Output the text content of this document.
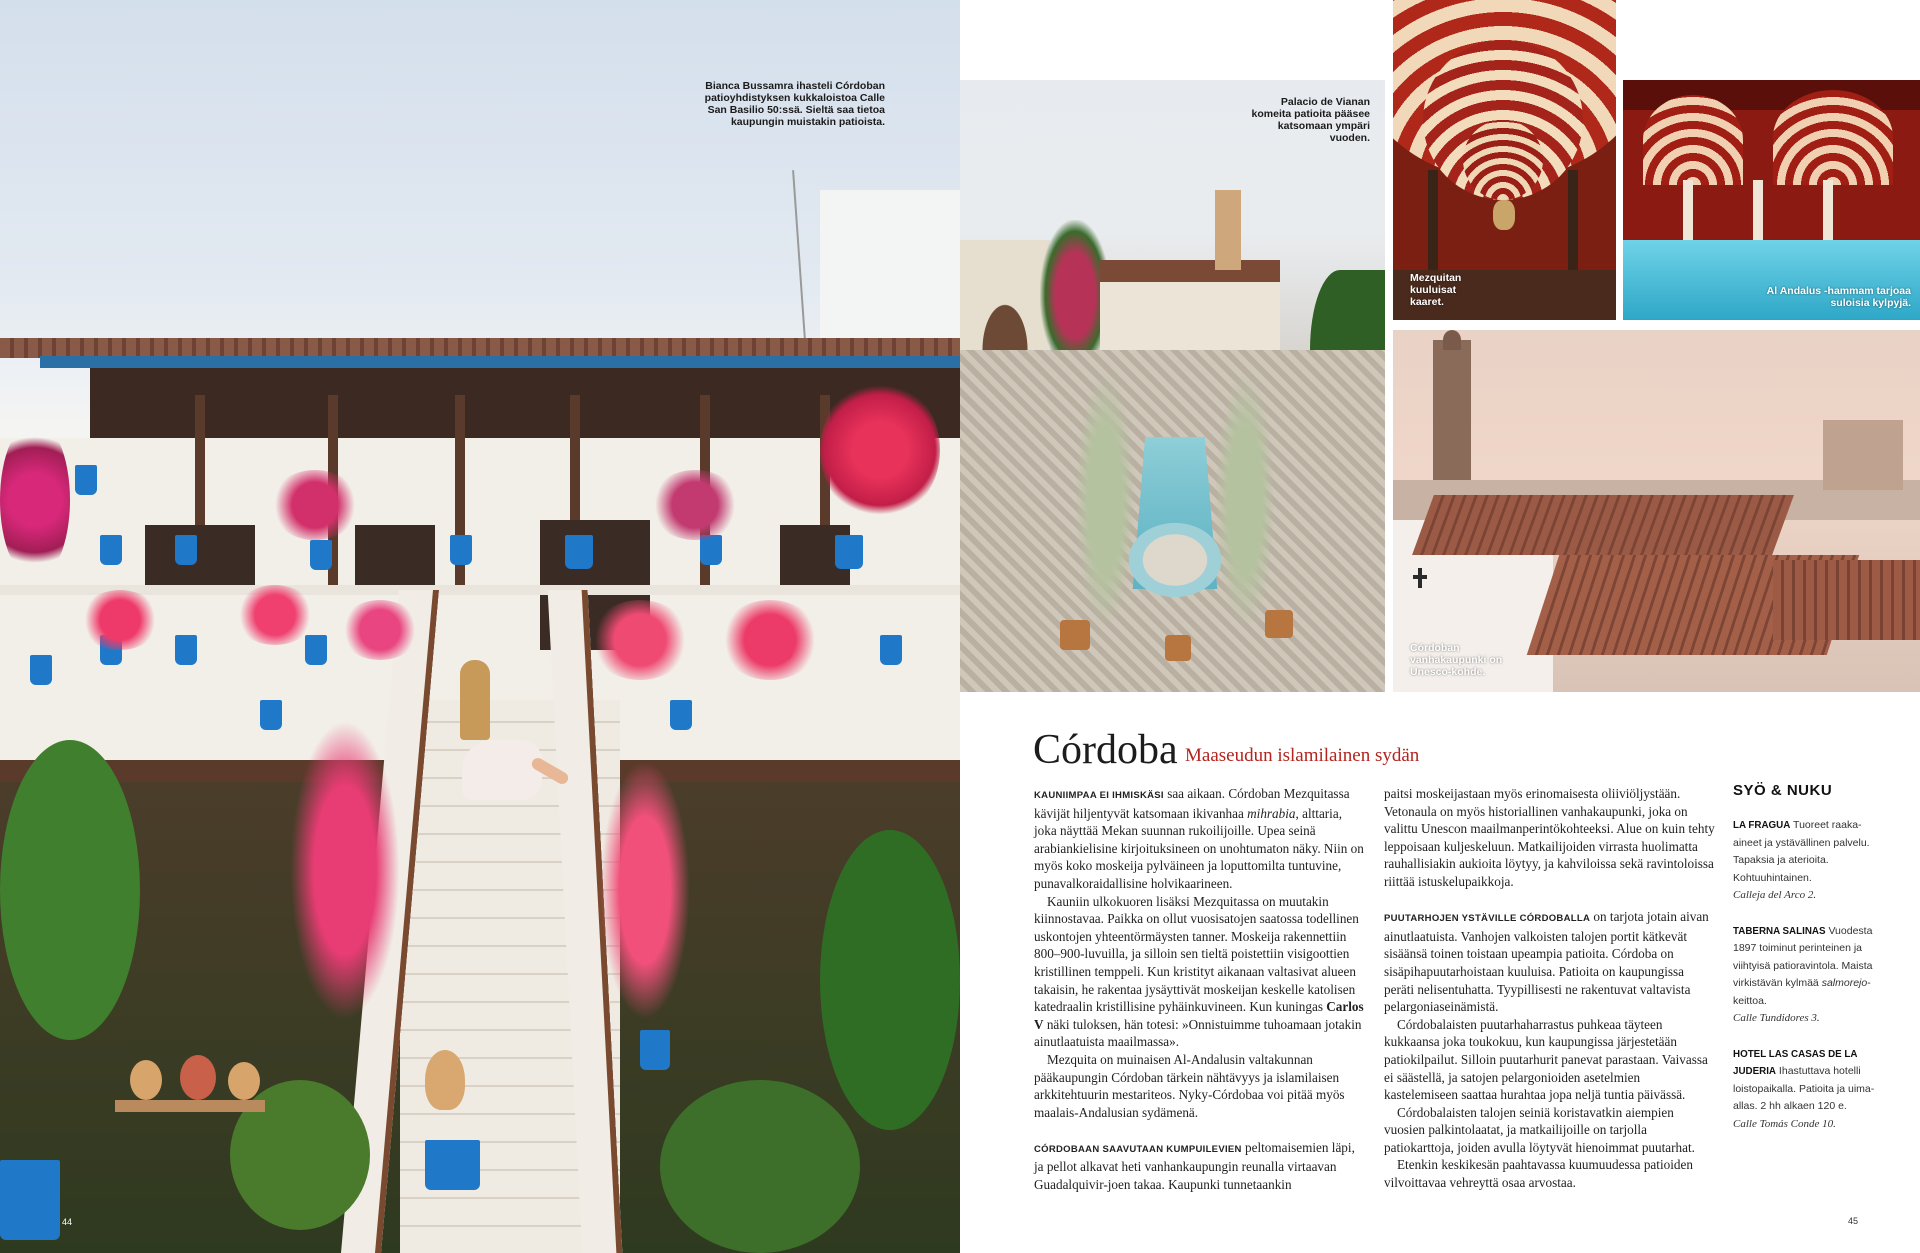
Bianca Bussamra ihasteli Córdoban patioyhdistyksen kukkaloistoa Calle San Basilio 50:ssä. Sieltä saa tietoa kaupungin muistakin patioista.
44
Palacio de Vianan komeita patioita pääsee katsomaan ympäri vuoden.
Mezquitan kuuluisat kaaret.
Al Andalus -hammam tarjoaa suloisia kylpyjä.
Córdoban vanhakaupunki on Unesco-kohde.
Córdoba Maaseudun islamilainen sydän

KAUNIIMPAA EI IHMISKÄSI saa aikaan. Córdoban Mezquitassa kävijät hiljentyvät katsomaan ikivanhaa mihrabia, alttaria, joka näyttää Mekan suunnan rukoilijoille. Upea seinä arabiankielisine kirjoituksineen on unohtumaton näky. Niin on myös koko moskeija pylväineen ja loputtomilta tuntuvine, punavalkoraidallisine holvikaarineen.

Kauniin ulkokuoren lisäksi Mezquitassa on muutakin kiinnostavaa. Paikka on ollut vuosisatojen saatossa todellinen uskontojen yhteentörmäysten tanner. Moskeija rakennettiin 800–900-luvuilla, ja silloin sen tieltä poistettiin visigoottien kristillinen temppeli. Kun kristityt aikanaan valtasivat alueen takaisin, he rakentaa jysäyttivät moskeijan keskelle katolisen katedraalin kristillisine pyhäinkuvineen. Kun kuningas Carlos V näki tuloksen, hän totesi: »Onnistuimme tuhoamaan jotakin ainutlaatuista maailmassa».

Mezquita on muinaisen Al-Andalusin valtakunnan pääkaupungin Córdoban tärkein nähtävyys ja islamilaisen arkkitehtuurin mestariteos. Nyky-Córdobaa voi pitää myös maalais-Andalusian sydämenä.

CÓRDOBAAN SAAVUTAAN KUMPUILEVIEN peltomaisemien läpi, ja pellot alkavat heti vanhankaupungin reunalla virtaavan Guadalquivir-joen takaa. Kaupunki tunnetaankin

paitsi moskeijastaan myös erinomaisesta oliiviöljystään. Vetonaula on myös historiallinen vanhakaupunki, joka on valittu Unescon maailmanperintökohteeksi. Alue on kuin tehty leppoisaan kuljeskeluun. Matkailijoiden virrasta huolimatta rauhallisiakin aukioita löytyy, ja kahviloissa sekä ravintoloissa riittää istuskelupaikkoja.

PUUTARHOJEN YSTÄVILLE CÓRDOBALLA on tarjota jotain aivan ainutlaatuista. Vanhojen valkoisten talojen portit kätkevät sisäänsä toinen toistaan upeampia patioita. Córdoba on sisäpihapuutarhoistaan kuuluisa. Patioita on kaupungissa peräti nelisentuhatta. Tyypillisesti ne rakentuvat valtavista pelargoniaseinämistä.

Córdobalaisten puutarhaharrastus puhkeaa täyteen kukkaansa joka toukokuu, kun kaupungissa järjestetään patiokilpailut. Silloin puutarhurit panevat parastaan. Vaivassa ei säästellä, ja satojen pelargonioiden asetelmien kastelemiseen saattaa hurahtaa jopa neljä tuntia päivässä.

Córdobalaisten talojen seiniä koristavatkin aiempien vuosien palkintolaatat, ja matkailijoille on tarjolla patiokarttoja, joiden avulla löytyvät hienoimmat puutarhat.

Etenkin keskikesän paahtavassa kuumuudessa patioiden vilvoittavaa vehreyttä osaa arvostaa.

SYÖ & NUKU
LA FRAGUA Tuoreet raaka-aineet ja ystävällinen palvelu. Tapaksia ja aterioita. Kohtuuhintainen.
Calleja del Arco 2.
TABERNA SALINAS Vuodesta 1897 toiminut perinteinen ja viihtyisä patioravintola. Maista virkistävän kylmää salmorejo-keittoa.
Calle Tundidores 3.
HOTEL LAS CASAS DE LA JUDERIA Ihastuttava hotelli loistopaikalla. Patioita ja uima-allas. 2 hh alkaen 120 e.
Calle Tomás Conde 10.
45
